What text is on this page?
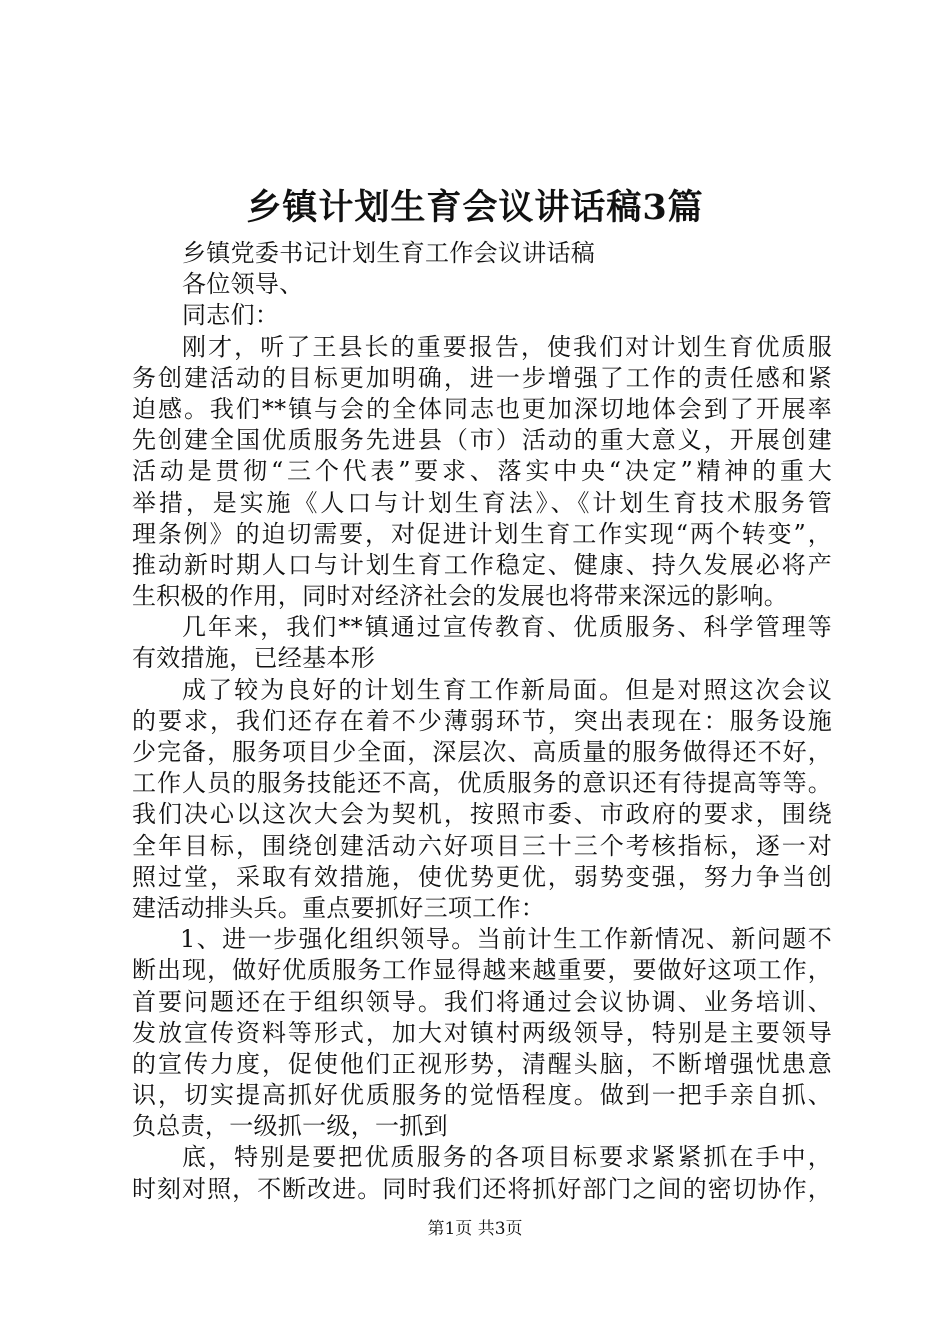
乡镇计划生育会议讲话稿3篇
乡镇党委书记计划生育工作会议讲话稿
各位领导、
同志们：
刚才，听了王县长的重要报告，使我们对计划生育优质服
务创建活动的目标更加明确，进一步增强了工作的责任感和紧
迫感。我们**镇与会的全体同志也更加深切地体会到了开展率
先创建全国优质服务先进县（市）活动的重大意义，开展创建
活动是贯彻“三个代表”要求、落实中央“决定”精神的重大
举措，是实施《人口与计划生育法》、《计划生育技术服务管
理条例》的迫切需要，对促进计划生育工作实现“两个转变”，
推动新时期人口与计划生育工作稳定、健康、持久发展必将产
生积极的作用，同时对经济社会的发展也将带来深远的影响。
几年来，我们**镇通过宣传教育、优质服务、科学管理等
有效措施，已经基本形
成了较为良好的计划生育工作新局面。但是对照这次会议
的要求，我们还存在着不少薄弱环节，突出表现在：服务设施
少完备，服务项目少全面，深层次、高质量的服务做得还不好，
工作人员的服务技能还不高，优质服务的意识还有待提高等等。
我们决心以这次大会为契机，按照市委、市政府的要求，围绕
全年目标，围绕创建活动六好项目三十三个考核指标，逐一对
照过堂，采取有效措施，使优势更优，弱势变强，努力争当创
建活动排头兵。重点要抓好三项工作：
1、进一步强化组织领导。当前计生工作新情况、新问题不
断出现，做好优质服务工作显得越来越重要，要做好这项工作，
首要问题还在于组织领导。我们将通过会议协调、业务培训、
发放宣传资料等形式，加大对镇村两级领导，特别是主要领导
的宣传力度，促使他们正视形势，清醒头脑，不断增强忧患意
识，切实提高抓好优质服务的觉悟程度。做到一把手亲自抓、
负总责，一级抓一级，一抓到
底，特别是要把优质服务的各项目标要求紧紧抓在手中，
时刻对照，不断改进。同时我们还将抓好部门之间的密切协作，
第1页 共3页
